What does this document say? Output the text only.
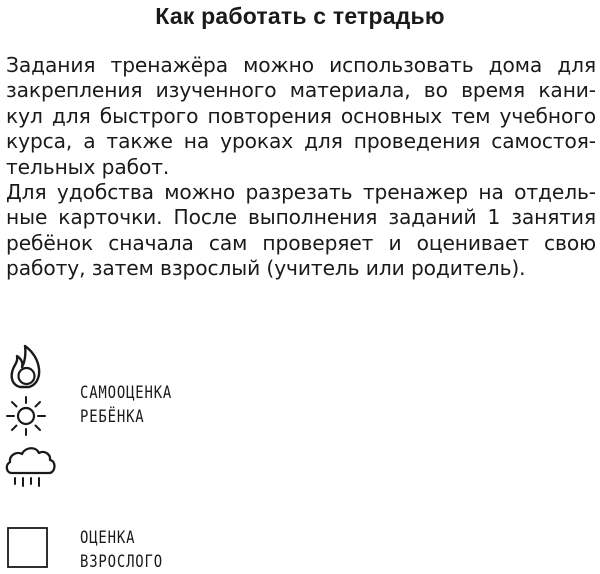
Как работать с тетрадью
Задания тренажёра можно использовать дома для
закрепления изученного материала, во время кани-
кул для быстрого повторения основных тем учебного
курса, а также на уроках для проведения самостоя-
тельных работ.
Для удобства можно разрезать тренажер на отдель-
ные карточки. После выполнения заданий 1 занятия
ребёнок сначала сам проверяет и оценивает свою
работу, затем взрослый (учитель или родитель).
САМООЦЕНКА
РЕБЁНКА
ОЦЕНКА
ВЗРОСЛОГО
